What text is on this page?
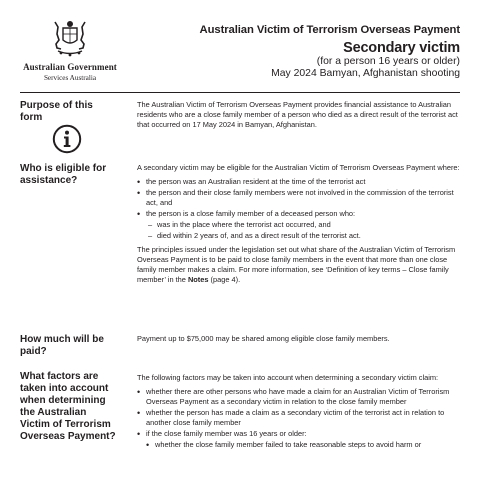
Australian Government
Services Australia
Australian Victim of Terrorism Overseas Payment
Secondary victim
(for a person 16 years or older)
May 2024 Bamyan, Afghanistan shooting
Purpose of this form

The Australian Victim of Terrorism Overseas Payment provides financial assistance to Australian residents who are a close family member of a person who died as a direct result of the terrorist act that occurred on 17 May 2024 in Bamyan, Afghanistan.

Who is eligible for assistance?

A secondary victim may be eligible for the Australian Victim of Terrorism Overseas Payment where:

• the person was an Australian resident at the time of the terrorist act
• the person and their close family members were not involved in the commission of the terrorist act, and
• the person is a close family member of a deceased person who:
– was in the place where the terrorist act occurred, and
– died within 2 years of, and as a direct result of the terrorist act.

The principles issued under the legislation set out what share of the Australian Victim of Terrorism Overseas Payment is to be paid to close family members in the event that more than one close family member makes a claim. For more information, see ‘Definition of key terms – Close family member’ in the Notes (page 4).

How much will be paid?

Payment up to $75,000 may be shared among eligible close family members.

What factors are taken into account when determining the Australian Victim of Terrorism Overseas Payment?

The following factors may be taken into account when determining a secondary victim claim:

• whether there are other persons who have made a claim for an Australian Victim of Terrorism Overseas Payment as a secondary victim in relation to the close family member
• whether the person has made a claim as a secondary victim of the terrorist act in relation to another close family member
• if the close family member was 16 years or older:
• whether the close family member failed to take reasonable steps to avoid harm or
